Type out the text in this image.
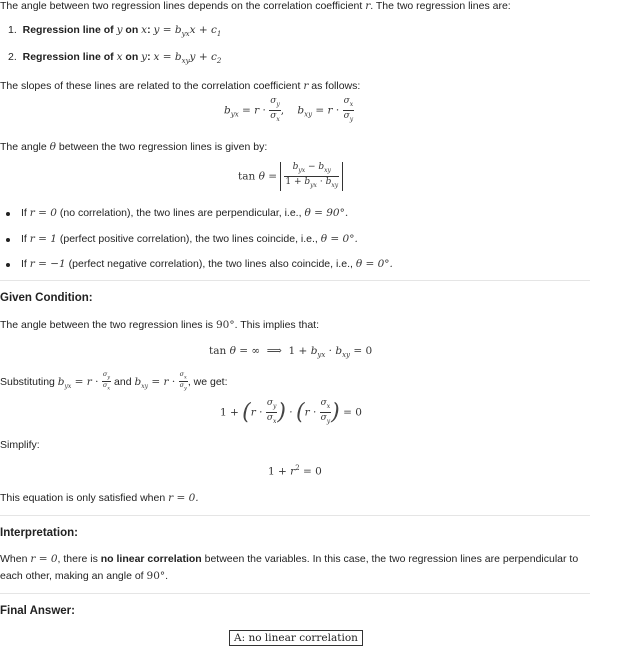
The angle between two regression lines depends on the correlation coefficient r. The two regression lines are:
1. Regression line of y on x: $y = b_{yx}x + c_1$
2. Regression line of x on y: $x = b_{xy}y + c_2$
The slopes of these lines are related to the correlation coefficient r as follows:
$b_{yx} = r \cdot \frac{\sigma_y}{\sigma_x}$ ,    $b_{xy} = r \cdot \frac{\sigma_x}{\sigma_y}$
The angle θ between the two regression lines is given by:
$\tan \theta = \frac{b_{yx} - b_{xy}}{1 + b_{yx} \cdot b_{xy}}$
If r = 0 (no correlation), the two lines are perpendicular, i.e., θ = 90°.
If r = 1 (perfect positive correlation), the two lines coincide, i.e., θ = 0°.
If r = −1 (perfect negative correlation), the two lines also coincide, i.e., θ = 0°.
Given Condition:
The angle between the two regression lines is 90°. This implies that:
tan θ = ∞  ⟹  $1 + b_{yx} \cdot b_{xy} = 0$
Substituting $b_{yx} = r \cdot \frac{\sigma_y}{\sigma_x}$ and $b_{xy} = r \cdot \frac{\sigma_x}{\sigma_y}$ , we get:
$1 + (r \cdot \frac{\sigma_y}{\sigma_x}$ ) · ($r \cdot \frac{\sigma_x}{\sigma_y}$ ) = 0
Simplify:
$1 + r^2 = 0$
This equation is only satisfied when r = 0.
Interpretation:
When r = 0, there is no linear correlation between the variables. In this case, the two regression lines are perpendicular to each other, making an angle of 90°.
Final Answer:
A: no linear correlation
